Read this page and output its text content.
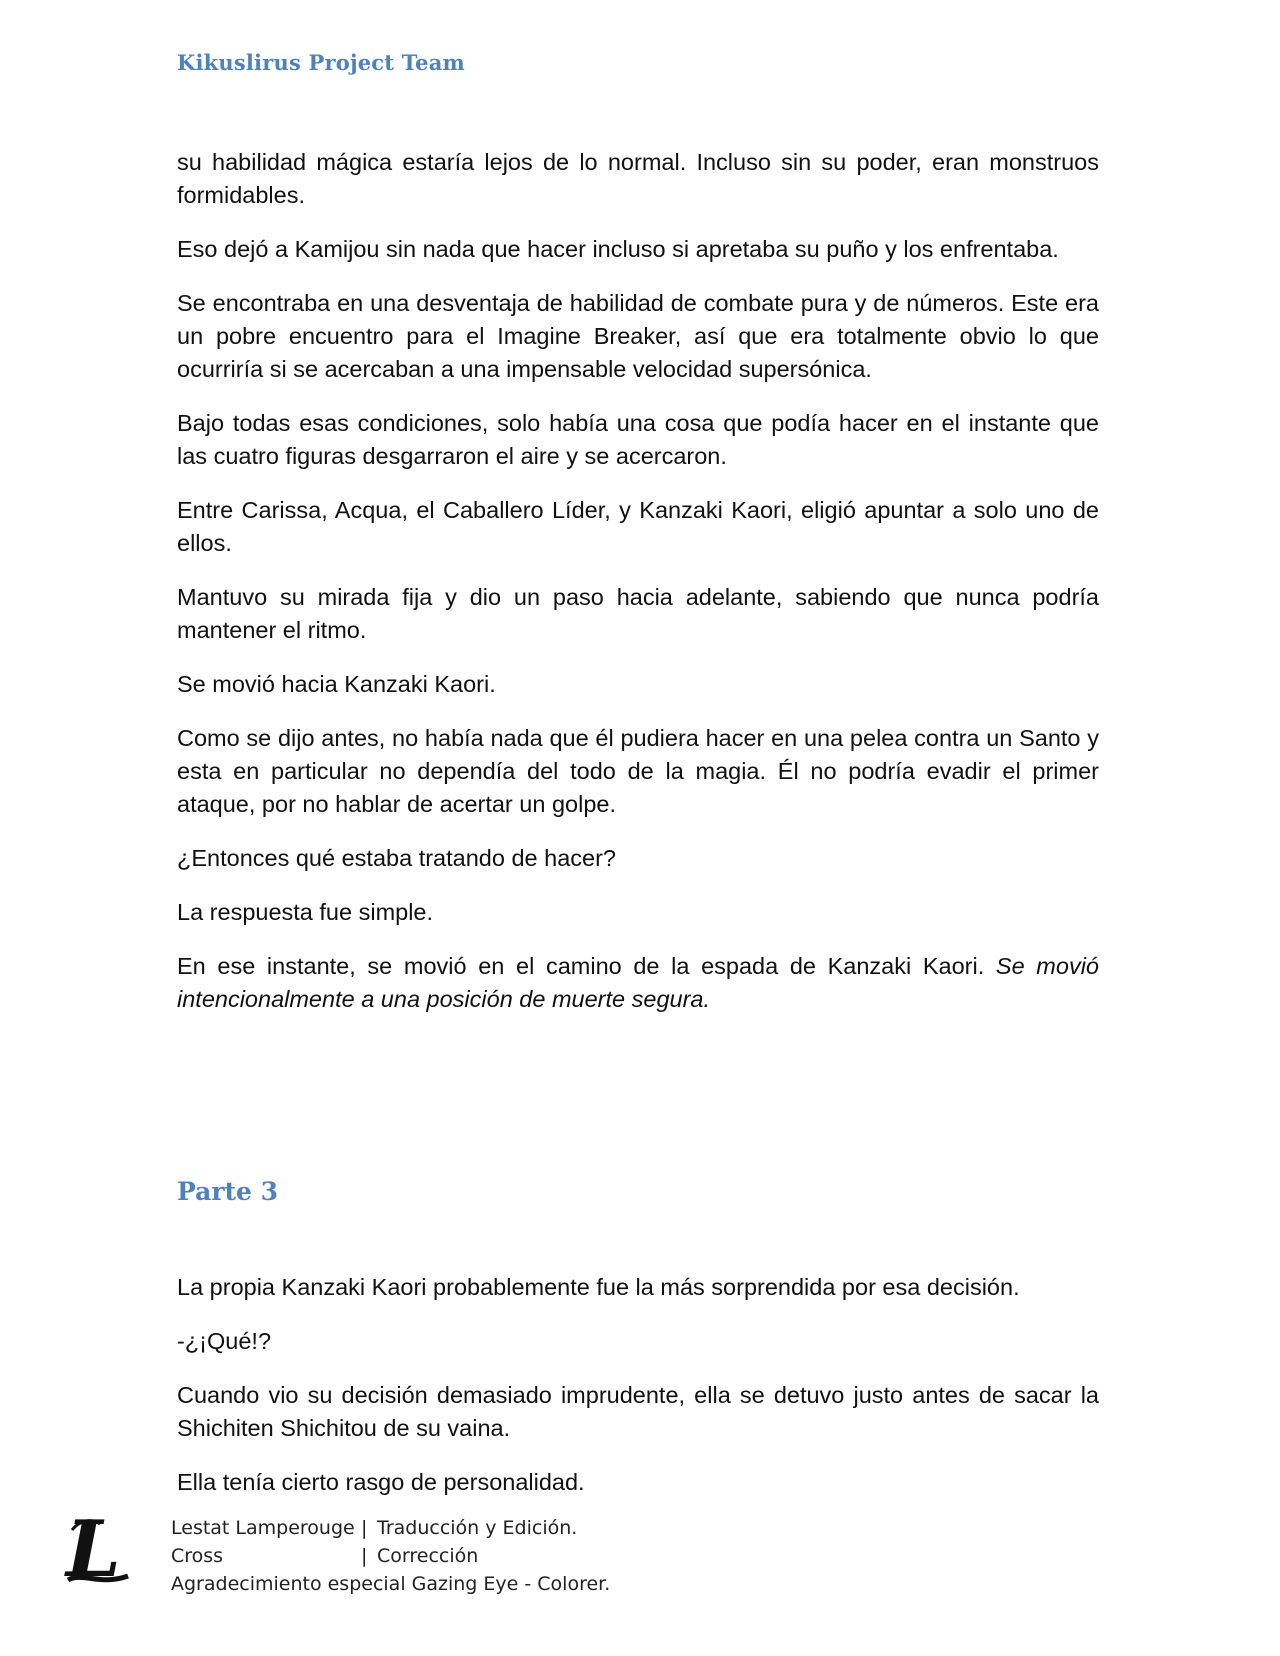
Kikuslirus Project Team

su habilidad mágica estaría lejos de lo normal. Incluso sin su poder, eran monstruos formidables.

Eso dejó a Kamijou sin nada que hacer incluso si apretaba su puño y los enfrentaba.

Se encontraba en una desventaja de habilidad de combate pura y de números. Este era un pobre encuentro para el Imagine Breaker, así que era totalmente obvio lo que ocurriría si se acercaban a una impensable velocidad supersónica.

Bajo todas esas condiciones, solo había una cosa que podía hacer en el instante que las cuatro figuras desgarraron el aire y se acercaron.

Entre Carissa, Acqua, el Caballero Líder, y Kanzaki Kaori, eligió apuntar a solo uno de ellos.

Mantuvo su mirada fija y dio un paso hacia adelante, sabiendo que nunca podría mantener el ritmo.

Se movió hacia Kanzaki Kaori.

Como se dijo antes, no había nada que él pudiera hacer en una pelea contra un Santo y esta en particular no dependía del todo de la magia. Él no podría evadir el primer ataque, por no hablar de acertar un golpe.

¿Entonces qué estaba tratando de hacer?

La respuesta fue simple.

En ese instante, se movió en el camino de la espada de Kanzaki Kaori. Se movió intencionalmente a una posición de muerte segura.

Parte 3

La propia Kanzaki Kaori probablemente fue la más sorprendida por esa decisión.

-¿¡Qué!?

Cuando vio su decisión demasiado imprudente, ella se detuvo justo antes de sacar la Shichiten Shichitou de su vaina.

Ella tenía cierto rasgo de personalidad.

L	Lestat Lamperouge | Traducción y Edición.
Cross	| Corrección
Agradecimiento especial Gazing Eye - Colorer.
